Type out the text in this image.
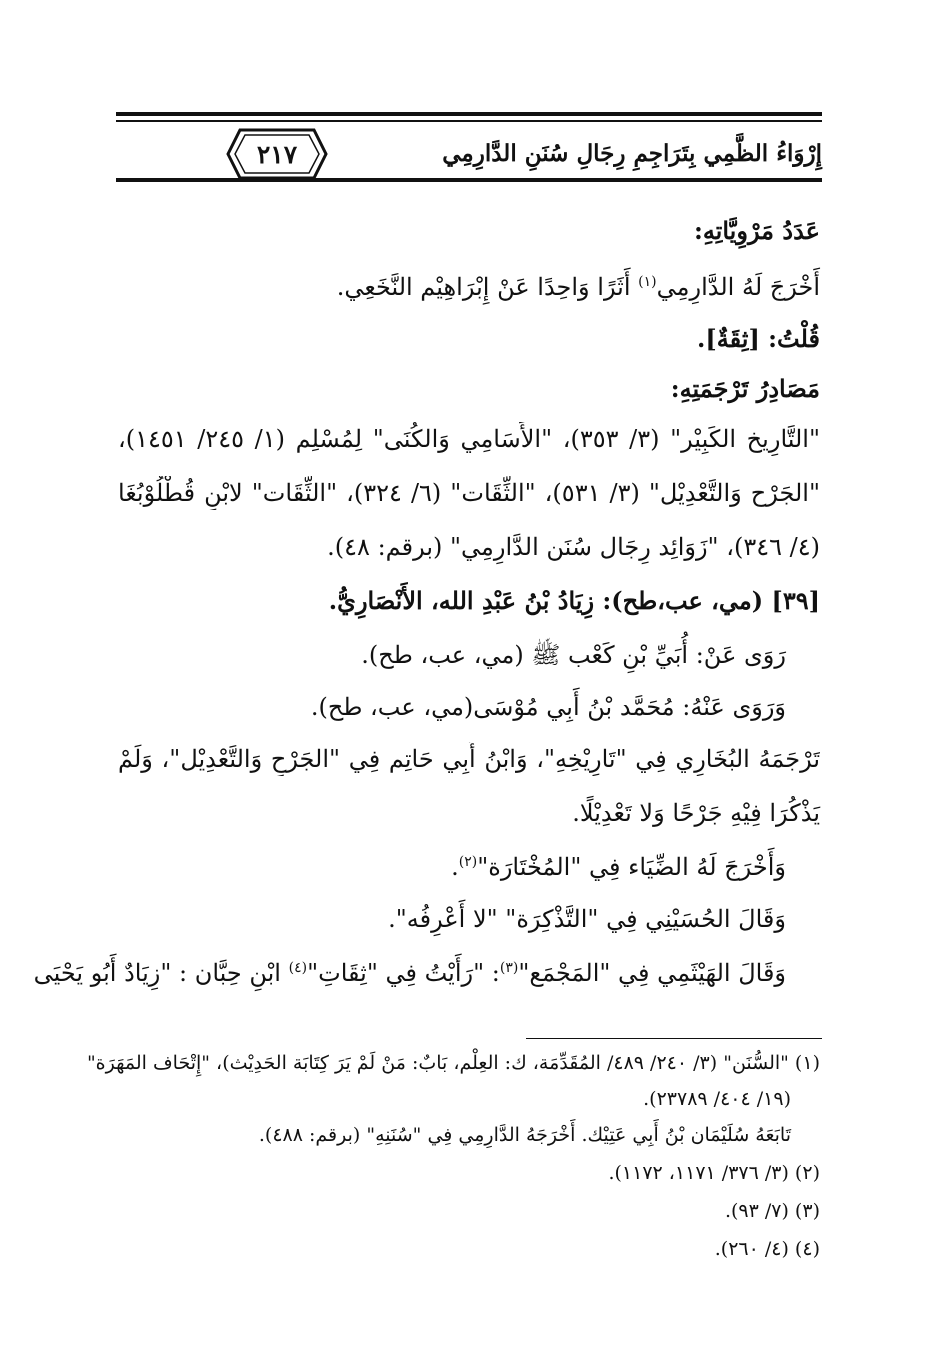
٢١٧	إِرْوَاءُ الظَّمِي بِتَرَاجِمِ رِجَالِ سُنَنِ الدَّارِمِي
عَدَدُ مَرْوِيَّاتِهِ:
أَخْرَجَ لَهُ الدَّارِمِي$^{(١)}$ أَثَرًا وَاحِدًا عَنْ إِبْرَاهِيْم النَّخَعِي.
قُلْتُ: [ثِقَةٌ].
مَصَادِرُ تَرْجَمَتِهِ:
"التَّارِيخ الكَبِيْر" (٣/ ٣٥٣)، "الأَسَامِي وَالكُنَى" لِمُسْلِم (١/ ٢٤٥/ ١٤٥١)،
"الجَرْح وَالتَّعْدِيْل" (٣/ ٥٣١)، "الثِّقَات" (٦/ ٣٢٤)، "الثِّقَات" لابْنِ قُطْلُوْبُغَا
(٤/ ٣٤٦)، "زَوَائِد رِجَال سُنَن الدَّارِمِي" (برقم: ٤٨).
[٣٩] (مي، عب،طح): زِيَادُ بْنُ عَبْدِ الله، الأَنْصَارِيُّ.
رَوَى عَنْ: أُبَيِّ بْنِ كَعْب ﷺ (مي، عب، طح).
وَرَوَى عَنْهُ: مُحَمَّد بْنُ أَبِي مُوْسَى(مي، عب، طح).
تَرْجَمَهُ البُخَارِي فِي "تَارِيْخِهِ"، وَابْنُ أَبِي حَاتِم فِي "الجَرْحِ وَالتَّعْدِيْل"، وَلَمْ
يَذْكُرَا فِيْهِ جَرْحًا وَلا تَعْدِيْلًا.
وَأَخْرَجَ لَهُ الضِّيَاء فِي "المُخْتَارَة"$^{(٢)}$.
وَقَالَ الحُسَيْنِي فِي "التَّذْكِرَة" "لا أَعْرِفُه".
وَقَالَ الهَيْثَمِي فِي "المَجْمَع"$^{(٣)}$: "رَأَيْتُ فِي "ثِقَاتِ"$^{(٤)}$ ابْنِ حِبَّان : "زِيَادٌ أَبُو يَحْيَى
(١) "السُّنَن" (٣/ ٢٤٠/ ٤٨٩/ المُقَدِّمَة، ك: العِلْم، بَابٌ: مَنْ لَمْ يَرَ كِتَابَة الحَدِيْث)، "إِتْحَاف المَهَرَة"
(١٩/ ٤٠٤/ ٢٣٧٨٩).
تَابَعَهُ سُلَيْمَان بْنُ أَبِي عَتِيْك. أَخْرَجَهُ الدَّارِمِي فِي "سُنَنِهِ" (برقم: ٤٨٨).
(٢) (٣/ ٣٧٦/ ١١٧١، ١١٧٢).
(٣) (٧/ ٩٣).
(٤) (٤/ ٢٦٠).
